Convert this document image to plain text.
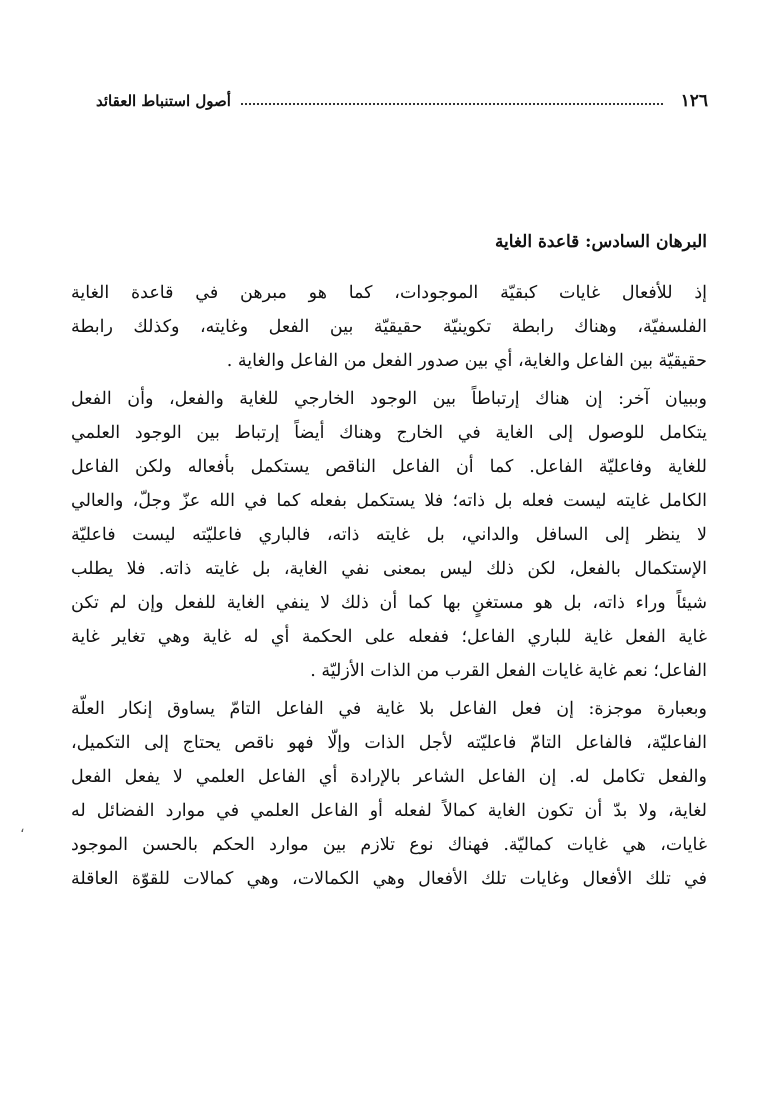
١٢٦
أصول استنباط العقائد
البرهان السادس: قاعدة الغاية
إذ للأفعال غايات كبقيّة الموجودات، كما هو مبرهن في قاعدة الغاية
الفلسفيّة، وهناك رابطة تكوينيّة حقيقيّة بين الفعل وغايته، وكذلك رابطة
حقيقيّة بين الفاعل والغاية، أي بين صدور الفعل من الفاعل والغاية .
وببيان آخر: إن هناك إرتباطاً بين الوجود الخارجي للغاية والفعل، وأن الفعل
يتكامل للوصول إلى الغاية في الخارج وهناك أيضاً إرتباط بين الوجود العلمي
للغاية وفاعليّة الفاعل. كما أن الفاعل الناقص يستكمل بأفعاله ولكن الفاعل
الكامل غايته ليست فعله بل ذاته؛ فلا يستكمل بفعله كما في الله عزّ وجلّ، والعالي
لا ينظر إلى السافل والداني، بل غايته ذاته، فالباري فاعليّته ليست فاعليّة
الإستكمال بالفعل، لكن ذلك ليس بمعنى نفي الغاية، بل غايته ذاته. فلا يطلب
شيئاً وراء ذاته، بل هو مستغنٍ بها كما أن ذلك لا ينفي الغاية للفعل وإن لم تكن
غاية الفعل غاية للباري الفاعل؛ ففعله على الحكمة أي له غاية وهي تغاير غاية
الفاعل؛ نعم غاية غايات الفعل القرب من الذات الأزليّة .
وبعبارة موجزة: إن فعل الفاعل بلا غاية في الفاعل التامّ يساوق إنكار العلّة
الفاعليّة، فالفاعل التامّ فاعليّته لأجل الذات وإلّا فهو ناقص يحتاج إلى التكميل،
والفعل تكامل له. إن الفاعل الشاعر بالإرادة أي الفاعل العلمي لا يفعل الفعل
لغاية، ولا بدّ أن تكون الغاية كمالاً لفعله أو الفاعل العلمي في موارد الفضائل له
غايات، هي غايات كماليّة. فهناك نوع تلازم بين موارد الحكم بالحسن الموجود
في تلك الأفعال وغايات تلك الأفعال وهي الكمالات، وهي كمالات للقوّة العاقلة
،
